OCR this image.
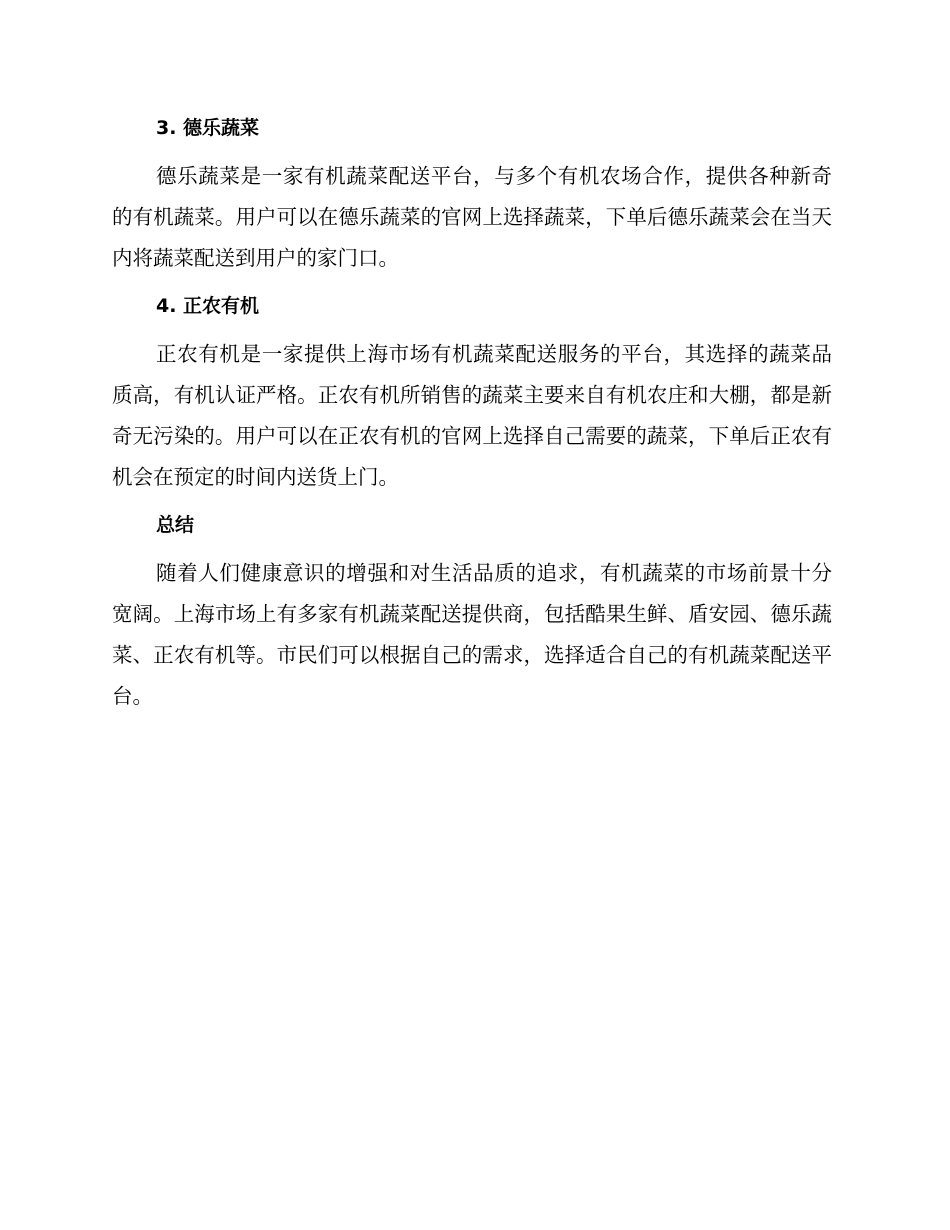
3. 德乐蔬菜

德乐蔬菜是一家有机蔬菜配送平台，与多个有机农场合作，提供各种新奇的有机蔬菜。用户可以在德乐蔬菜的官网上选择蔬菜，下单后德乐蔬菜会在当天内将蔬菜配送到用户的家门口。

4. 正农有机

正农有机是一家提供上海市场有机蔬菜配送服务的平台，其选择的蔬菜品质高，有机认证严格。正农有机所销售的蔬菜主要来自有机农庄和大棚，都是新奇无污染的。用户可以在正农有机的官网上选择自己需要的蔬菜，下单后正农有机会在预定的时间内送货上门。

总结

随着人们健康意识的增强和对生活品质的追求，有机蔬菜的市场前景十分宽阔。上海市场上有多家有机蔬菜配送提供商，包括酷果生鲜、盾安园、德乐蔬菜、正农有机等。市民们可以根据自己的需求，选择适合自己的有机蔬菜配送平台。
